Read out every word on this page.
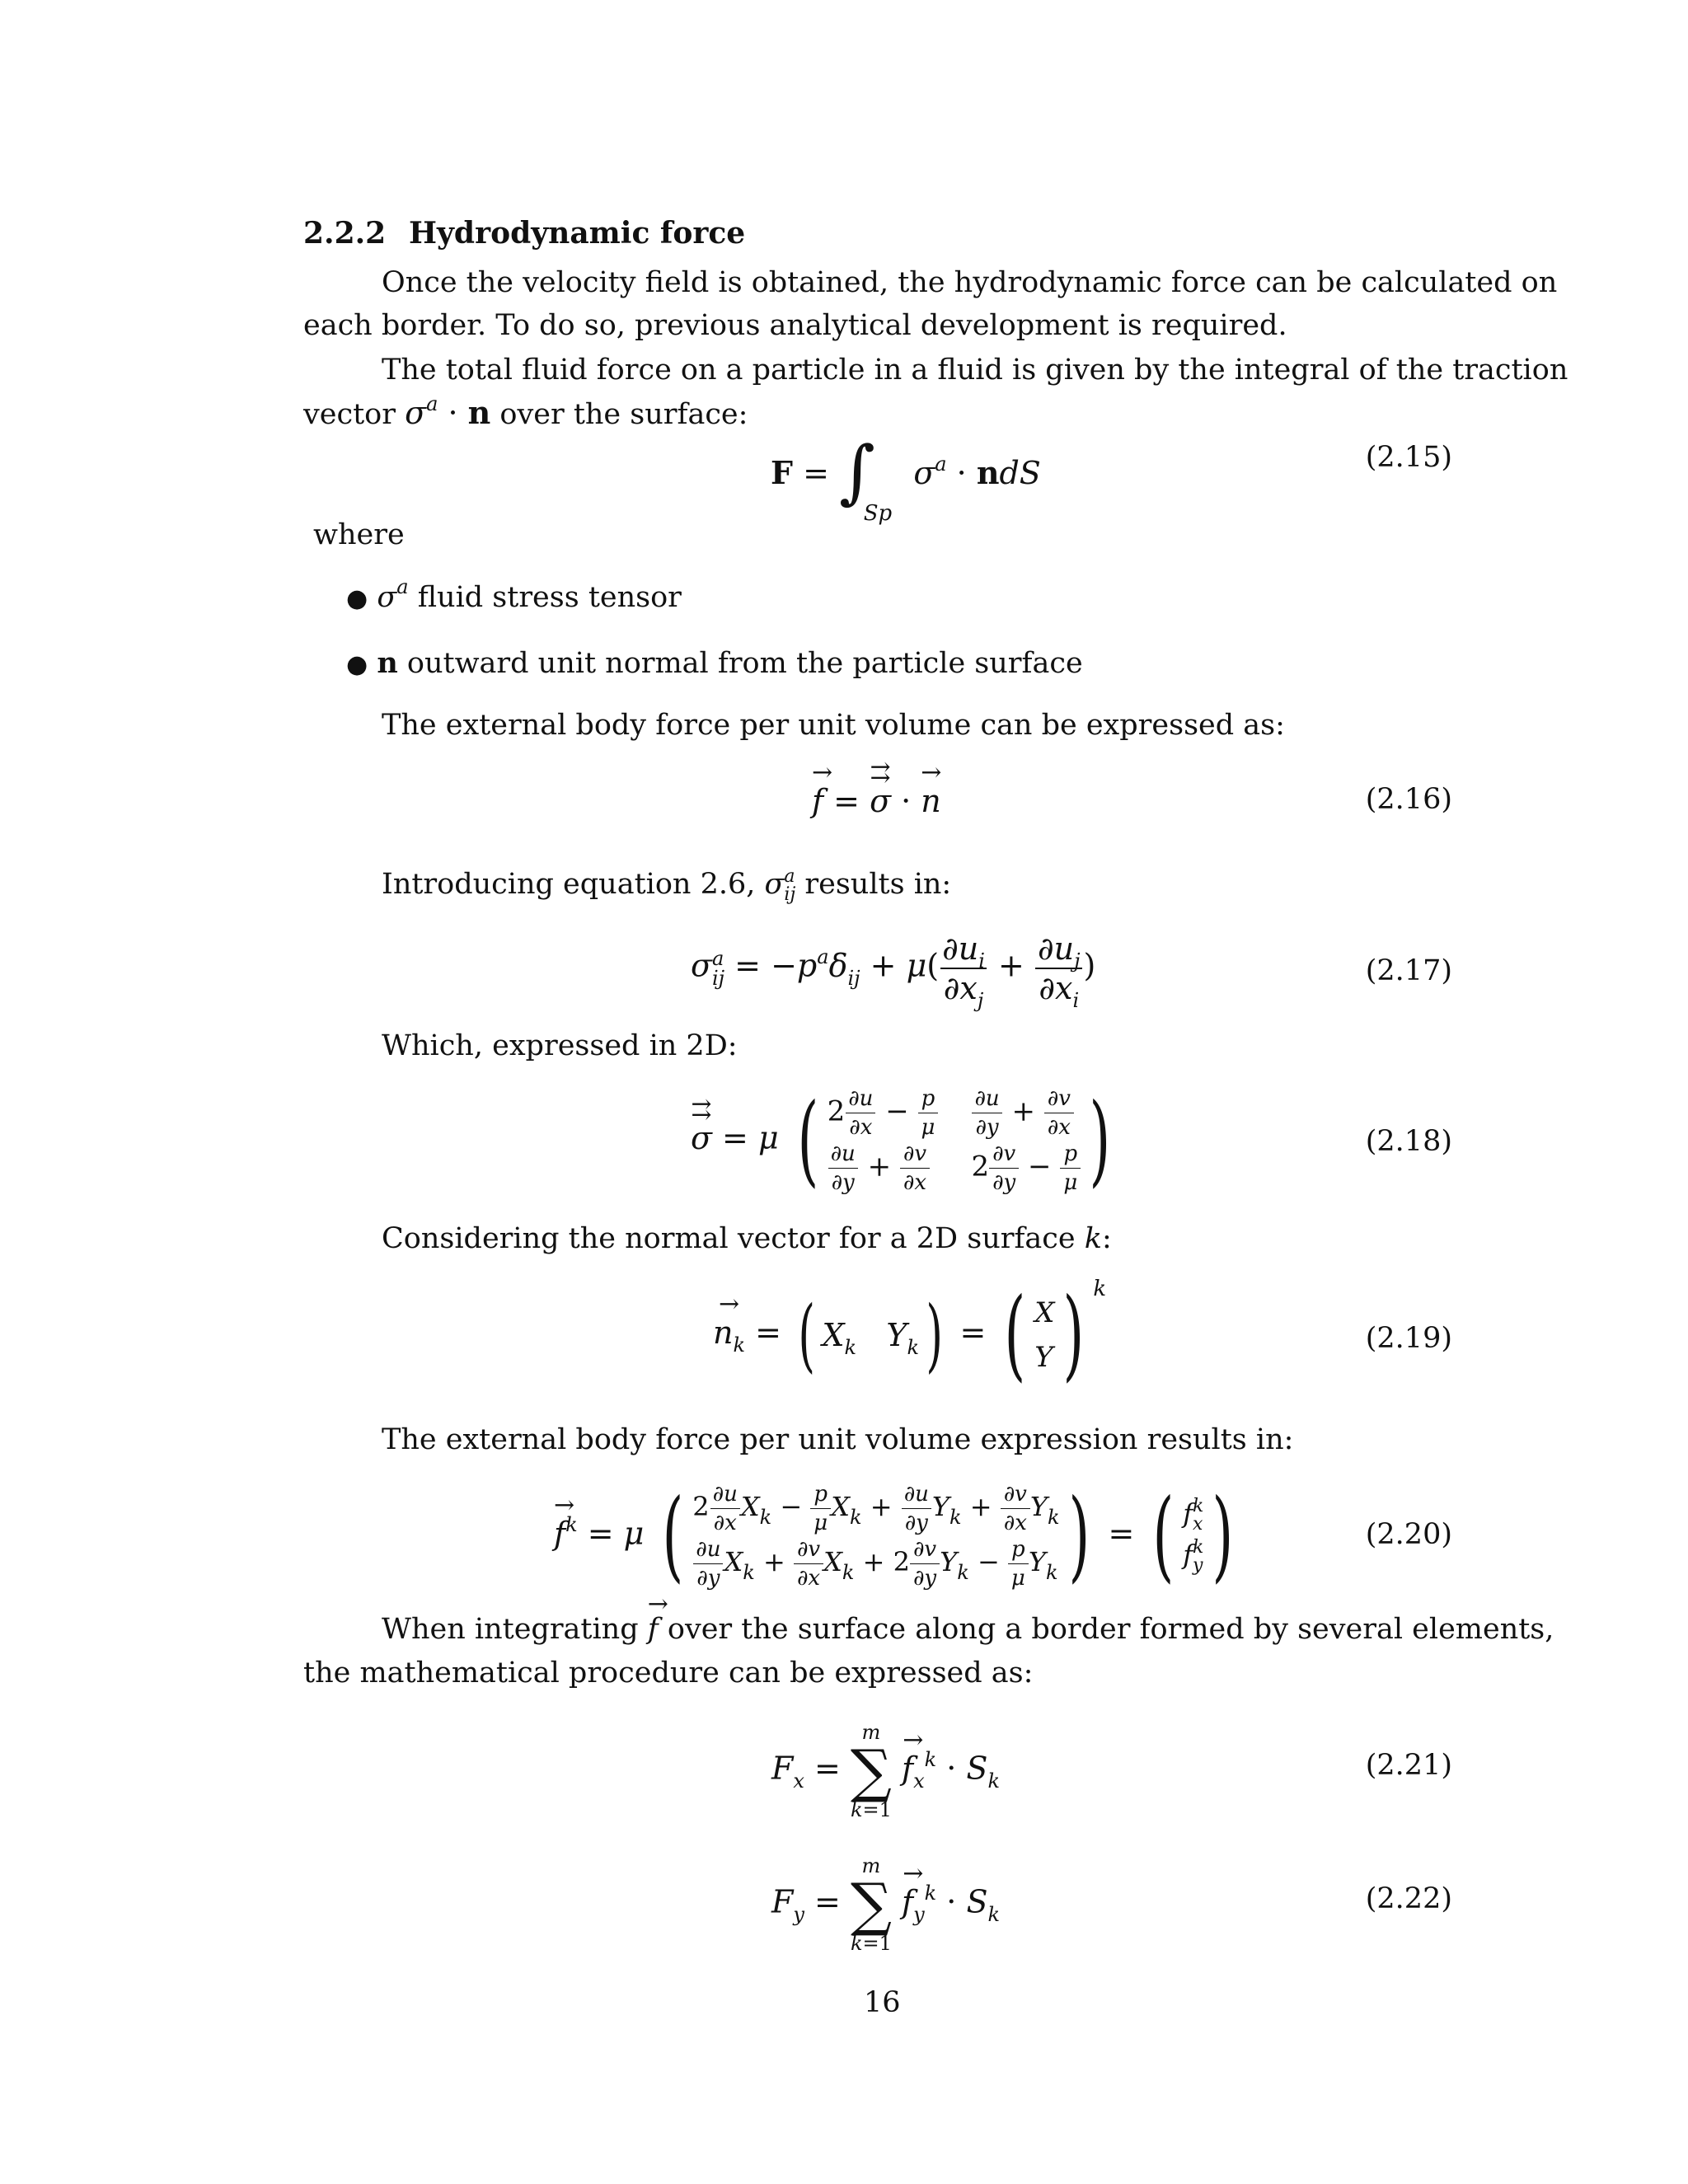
2.2.2 Hydrodynamic force
Once the velocity field is obtained, the hydrodynamic force can be calculated on
each border. To do so, previous analytical development is required.
The total fluid force on a particle in a fluid is given by the integral of the traction
vector $\sigma^a \cdot n$ over the surface:
$F = \int_{Sp}$ $\sigma^a$ · ndS	(2.15)
where
● $\sigma^a$ fluid stress tensor
● n outward unit normal from the particle surface
The external body force per unit volume can be expressed as:
→ f = ⇉ σ · → n	(2.16)
Introducing equation 2.6, σ a
ij results in:
σ a
ij = $-p^a\delta_{ij} + \mu( \frac{\partial u_i}{\partial x_j} + \frac{\partial u_j}{\partial x_i}$ )	(2.17)
Which, expressed in 2D:
⇉ σ = μ ( $2 \frac{\partial u}{\partial x} - \frac{p}{\mu} \frac{\partial u}{\partial y} + \frac{\partial v}{\partial x}$
$\frac{\partial u}{\partial y} + \frac{\partial v}{\partial x} 2 \frac{\partial v}{\partial y} - \frac{p}{\mu}$ )	(2.18)
Considering the normal vector for a 2D surface k:
→ $n_k$ = ( $X_k$ $Y_k$) = ( X
Y ) $^k$
(2.19)
The external body force per unit volume expression results in:
→ $f^k = \mu$ ( $2 \frac{\partial u}{\partial x} X_k - \frac{p}{\mu} X_k + \frac{\partial u}{\partial y} Y_k + \frac{\partial v}{\partial x} Y_k$
$\frac{\partial u}{\partial y} X_k + \frac{\partial v}{\partial x} X_k + 2 \frac{\partial v}{\partial y} Y_k - \frac{p}{\mu} Y_k$ ) = ( f k
x
f k
y )	(2.20)
When integrating → f over the surface along a border formed by several elements,
the mathematical procedure can be expressed as:
$F_x$ =
m
∑
k=1
→ $f_x^k \cdot S_k$	(2.21)
$F_y$ =
m
∑
k=1
→ $f_y^k \cdot S_k$	(2.22)
16
